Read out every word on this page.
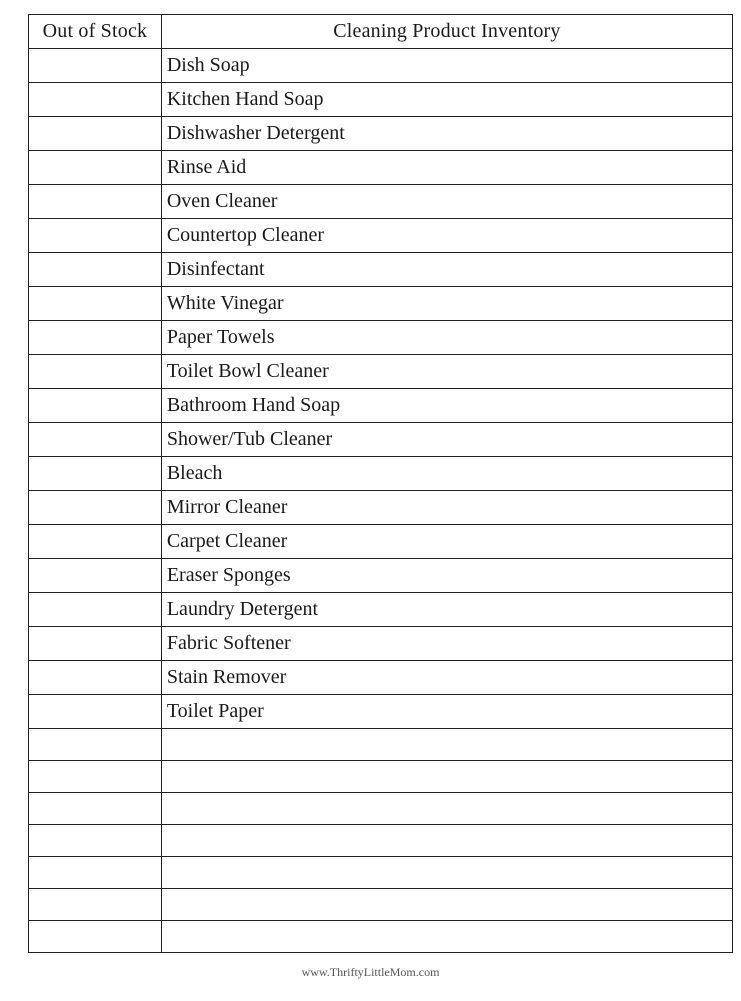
Out of Stock	Cleaning Product Inventory
	Dish Soap
	Kitchen Hand Soap
	Dishwasher Detergent
	Rinse Aid
	Oven Cleaner
	Countertop Cleaner
	Disinfectant
	White Vinegar
	Paper Towels
	Toilet Bowl Cleaner
	Bathroom Hand Soap
	Shower/Tub Cleaner
	Bleach
	Mirror Cleaner
	Carpet Cleaner
	Eraser Sponges
	Laundry Detergent
	Fabric Softener
	Stain Remover
	Toilet Paper

www.ThriftyLittleMom.com
